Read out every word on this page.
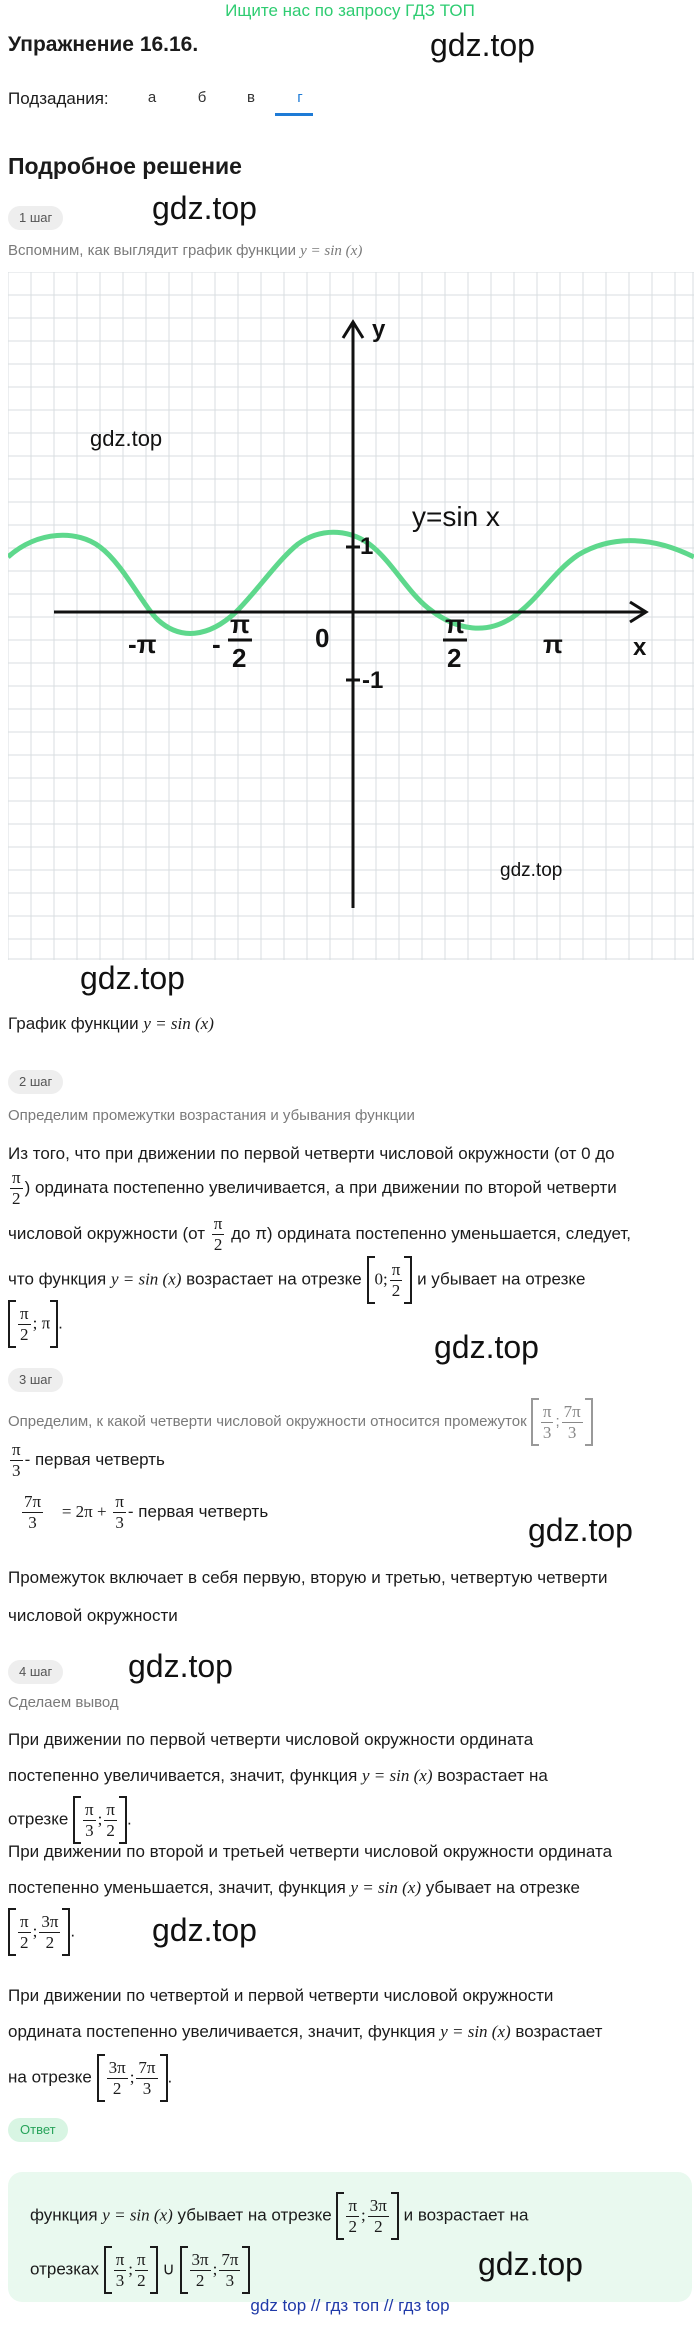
Ищите нас по запросу ГДЗ ТОП
Упражнение 16.16.	gdz.top
Подзадания:	а	б	в	г
Подробное решение
1 шаг	gdz.top
Вспомним, как выглядит график функции y = sin (x)
y
x
y=sin x
1
-1
0
-π -
π
2
π
2	π
gdz.top
gdz.top
gdz.top
График функции y = sin (x)
2 шаг
Определим промежутки возрастания и убывания функции
Из того, что при движении по первой четверти числовой окружности (от 0 до
$\frac{\pi}{2}$ ) ордината постепенно увеличивается, а при движении по второй четверти
числовой окружности ($от \frac{\pi}{2}$ до π) ордината постепенно уменьшается, следует,
что функция y = sin (x) возрастает на отрезке 0; $\frac{\pi}{2}$ и убывает на отрезке
$\frac{\pi}{2}$ ; π .
gdz.top
3 шаг
Определим, к какой четверти числовой окружности относится промежуток $\frac{\pi}{3}$ ; $\frac{7\pi}{3}$
$\frac{\pi}{3}$ - первая четверть
$\frac{7\pi}{3} = 2\pi + \frac{\pi}{3}$ - первая четверть
gdz.top
Промежуток включает в себя первую, вторую и третью, четвертую четверти
числовой окружности
4 шаг	gdz.top
Сделаем вывод
При движении по первой четверти числовой окружности ордината
постепенно увеличивается, значит, функция y = sin (x) возрастает на
отрезке $\frac{\pi}{3}$ ; $\frac{\pi}{2}$ .
При движении по второй и третьей четверти числовой окружности ордината
постепенно уменьшается, значит, функция y = sin (x) убывает на отрезке
$\frac{\pi}{2}$ ; $\frac{3\pi}{2}$ . gdz.top
При движении по четвертой и первой четверти числовой окружности
ордината постепенно увеличивается, значит, функция y = sin (x) возрастает
на отрезке $\frac{3\pi}{2}$ ; $\frac{7\pi}{3}$ .
Ответ
функция y = sin (x) убывает на отрезке $\frac{\pi}{2}$ ; $\frac{3\pi}{2}$ и возрастает на
отрезках $\frac{\pi}{3}$ ; $\frac{\pi}{2}$ ∪ $\frac{3\pi}{2}$ ; $\frac{7\pi}{3}$	gdz.top
gdz top // гдз топ // гдз top
